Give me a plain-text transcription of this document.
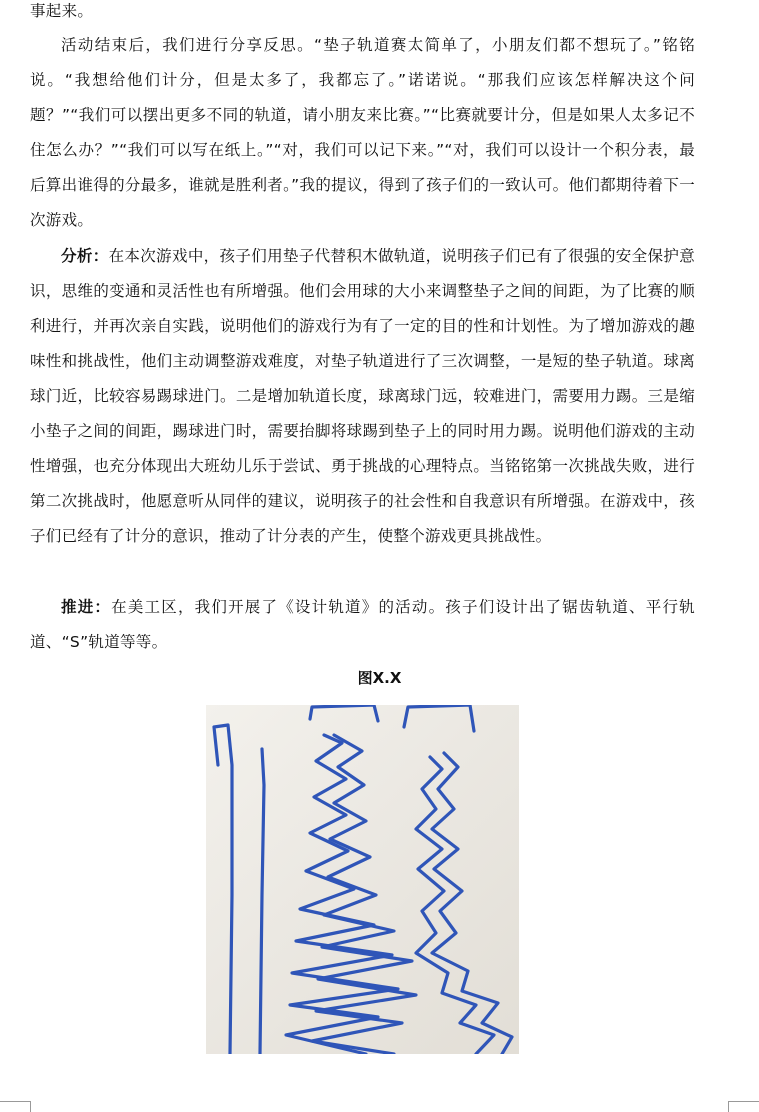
事起来。

活动结束后，我们进行分享反思。“垫子轨道赛太简单了，小朋友们都不想玩了。”铭铭说。“我想给他们计分，但是太多了，我都忘了。”诺诺说。“那我们应该怎样解决这个问题？”“我们可以摆出更多不同的轨道，请小朋友来比赛。”“比赛就要计分，但是如果人太多记不住怎么办？”“我们可以写在纸上。”“对，我们可以记下来。”“对，我们可以设计一个积分表，最后算出谁得的分最多，谁就是胜利者。”我的提议，得到了孩子们的一致认可。他们都期待着下一次游戏。

分析：在本次游戏中，孩子们用垫子代替积木做轨道，说明孩子们已有了很强的安全保护意识，思维的变通和灵活性也有所增强。他们会用球的大小来调整垫子之间的间距，为了比赛的顺利进行，并再次亲自实践，说明他们的游戏行为有了一定的目的性和计划性。为了增加游戏的趣味性和挑战性，他们主动调整游戏难度，对垫子轨道进行了三次调整，一是短的垫子轨道。球离球门近，比较容易踢球进门。二是增加轨道长度，球离球门远，较难进门，需要用力踢。三是缩小垫子之间的间距，踢球进门时，需要抬脚将球踢到垫子上的同时用力踢。说明他们游戏的主动性增强，也充分体现出大班幼儿乐于尝试、勇于挑战的心理特点。当铭铭第一次挑战失败，进行第二次挑战时，他愿意听从同伴的建议，说明孩子的社会性和自我意识有所增强。在游戏中，孩子们已经有了计分的意识，推动了计分表的产生，使整个游戏更具挑战性。

推进：在美工区，我们开展了《设计轨道》的活动。孩子们设计出了锯齿轨道、平行轨道、“S”轨道等等。

图X.X
